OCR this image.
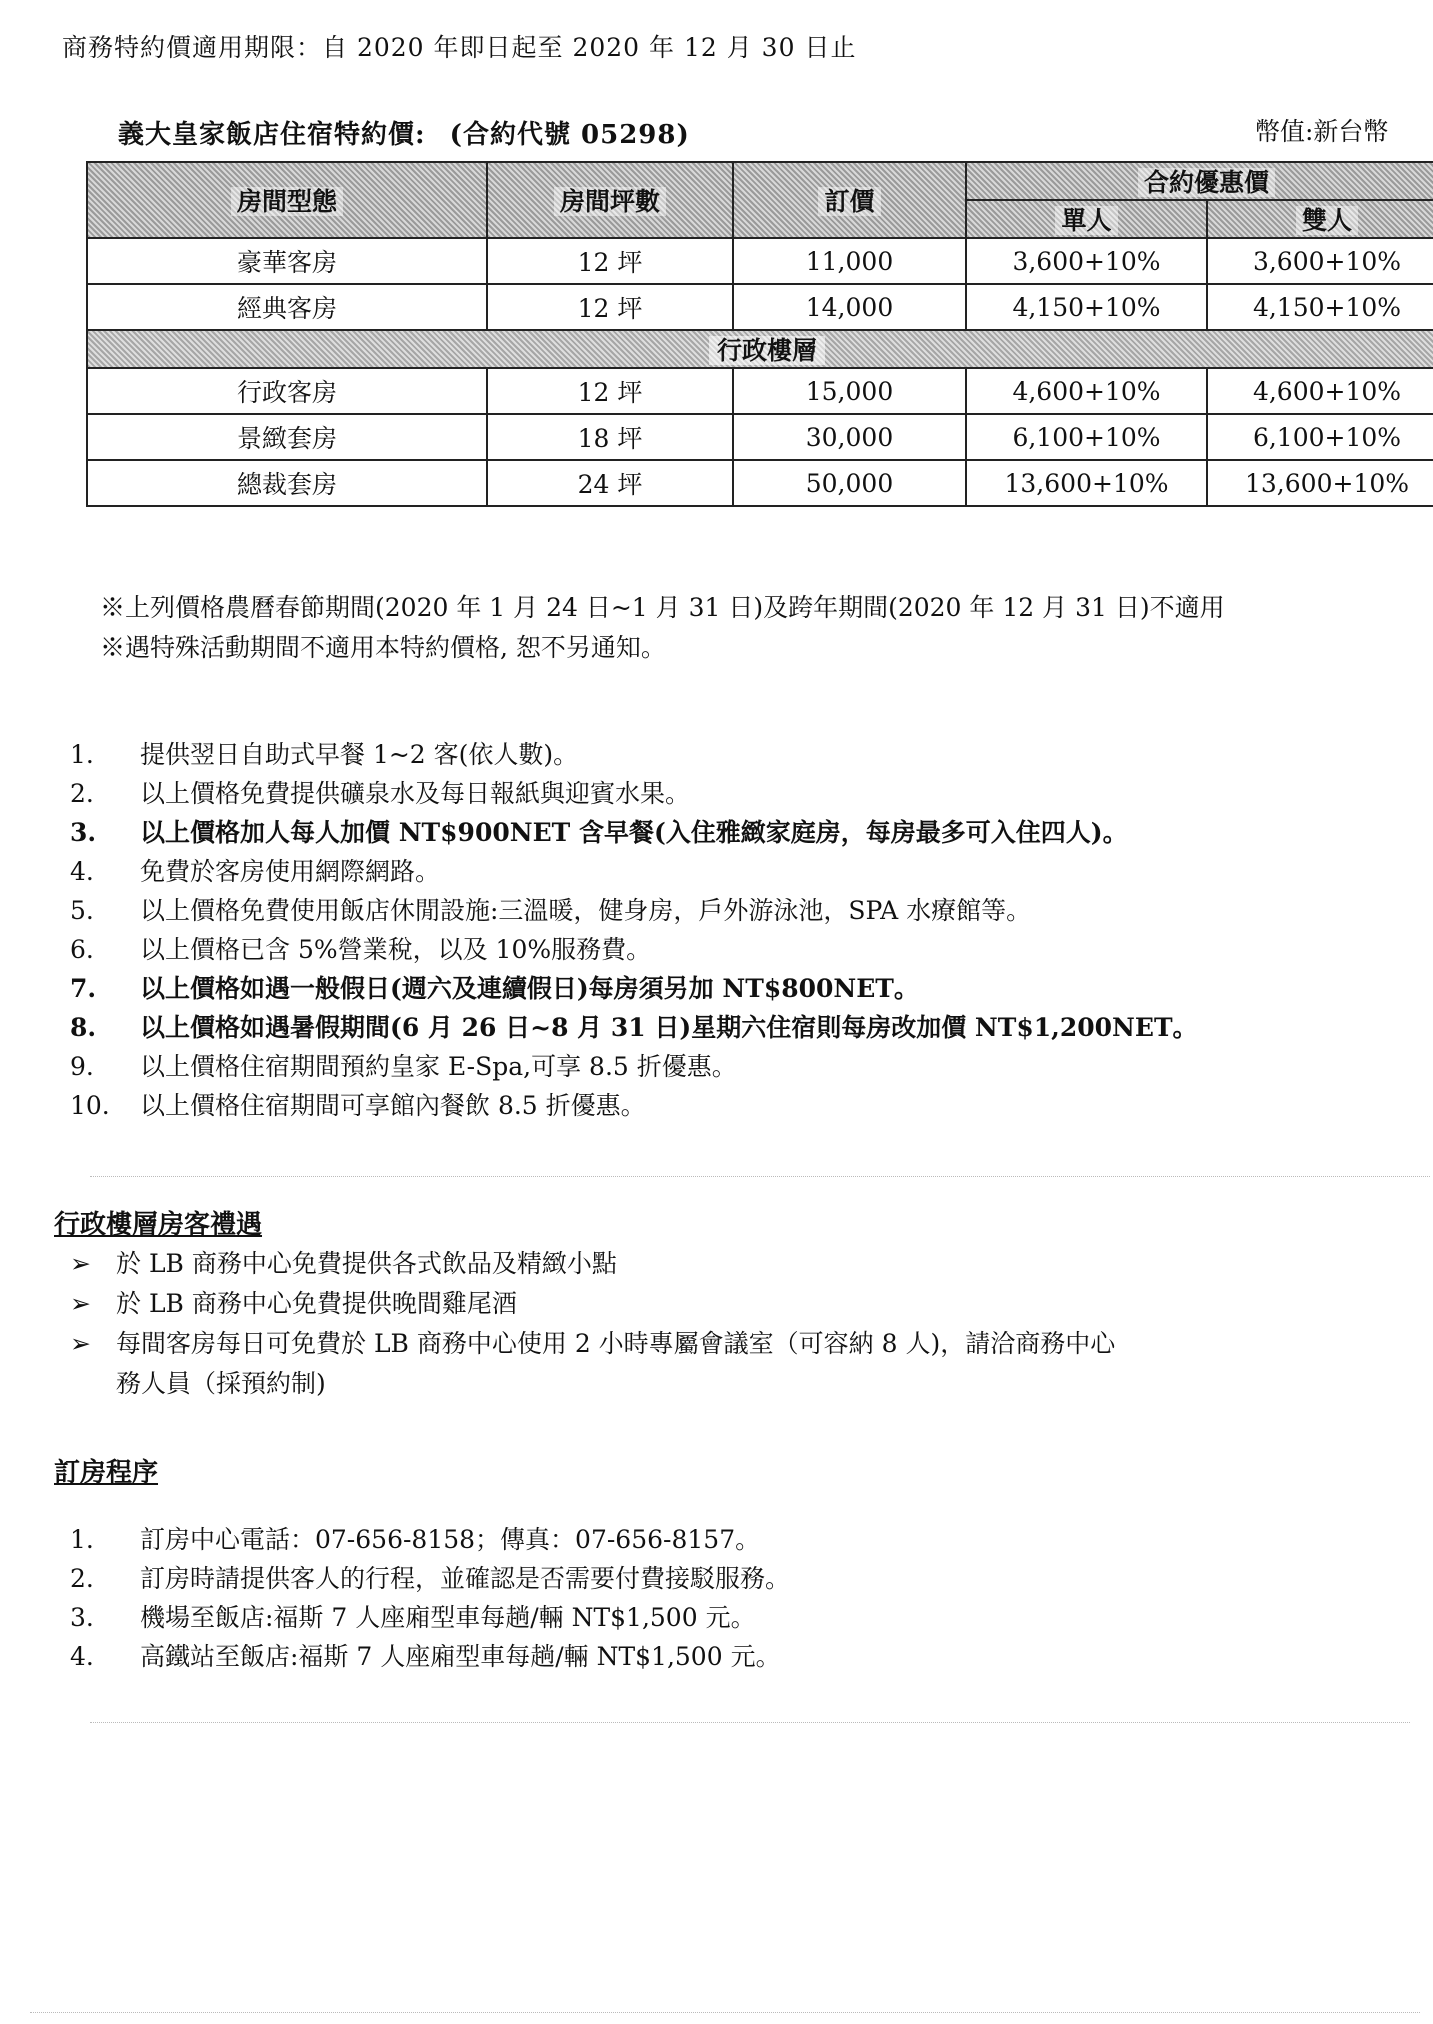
商務特約價適用期限：自 2020 年即日起至 2020 年 12 月 30 日止
義大皇家飯店住宿特約價: (合約代號 05298)	幣值:新台幣
房間型態	房間坪數	訂價	合約優惠價	
			單人	雙人
豪華客房	12 坪	11,000	3,600+10%	3,600+10%
經典客房	12 坪	14,000	4,150+10%	4,150+10%
行政樓層				
行政客房	12 坪	15,000	4,600+10%	4,600+10%
景緻套房	18 坪	30,000	6,100+10%	6,100+10%
總裁套房	24 坪	50,000	13,600+10%	13,600+10%
※上列價格農曆春節期間(2020 年 1 月 24 日~1 月 31 日)及跨年期間(2020 年 12 月 31 日)不適用
※遇特殊活動期間不適用本特約價格, 恕不另通知。
1. 提供翌日自助式早餐 1~2 客(依人數)。
2. 以上價格免費提供礦泉水及每日報紙與迎賓水果。
3. 以上價格加人每人加價 NT$900NET 含早餐(入住雅緻家庭房，每房最多可入住四人)。
4. 免費於客房使用網際網路。
5. 以上價格免費使用飯店休閒設施:三溫暖，健身房，戶外游泳池，SPA 水療館等。
6. 以上價格已含 5%營業稅，以及 10%服務費。
7. 以上價格如遇一般假日(週六及連續假日)每房須另加 NT$800NET。
8. 以上價格如遇暑假期間(6 月 26 日~8 月 31 日)星期六住宿則每房改加價 NT$1,200NET。
9. 以上價格住宿期間預約皇家 E-Spa,可享 8.5 折優惠。
10. 以上價格住宿期間可享館內餐飲 8.5 折優惠。
行政樓層房客禮遇
➢ 於 LB 商務中心免費提供各式飲品及精緻小點
➢ 於 LB 商務中心免費提供晚間雞尾酒
➢ 每間客房每日可免費於 LB 商務中心使用 2 小時專屬會議室（可容納 8 人)，請洽商務中心
務人員（採預約制)
訂房程序
1. 訂房中心電話：07-656-8158；傳真：07-656-8157。
2. 訂房時請提供客人的行程，並確認是否需要付費接駁服務。
3. 機場至飯店:福斯 7 人座廂型車每趟/輛 NT$1,500 元。
4. 高鐵站至飯店:福斯 7 人座廂型車每趟/輛 NT$1,500 元。
